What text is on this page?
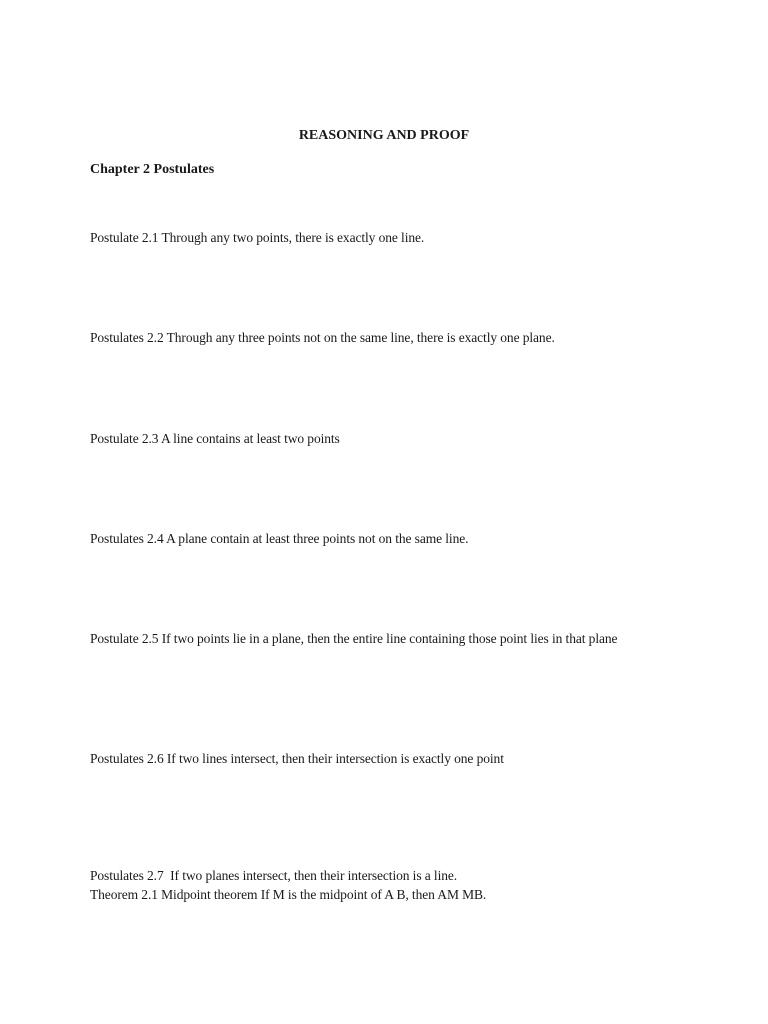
REASONING AND PROOF
Chapter 2 Postulates
Postulate 2.1 Through any two points, there is exactly one line.
Postulates 2.2 Through any three points not on the same line, there is exactly one plane.
Postulate 2.3 A line contains at least two points
Postulates 2.4 A plane contain at least three points not on the same line.
Postulate 2.5 If two points lie in a plane, then the entire line containing those point lies in that plane
Postulates 2.6 If two lines intersect, then their intersection is exactly one point
Postulates 2.7  If two planes intersect, then their intersection is a line.
Theorem 2.1 Midpoint theorem If M is the midpoint of A B, then AM MB.
